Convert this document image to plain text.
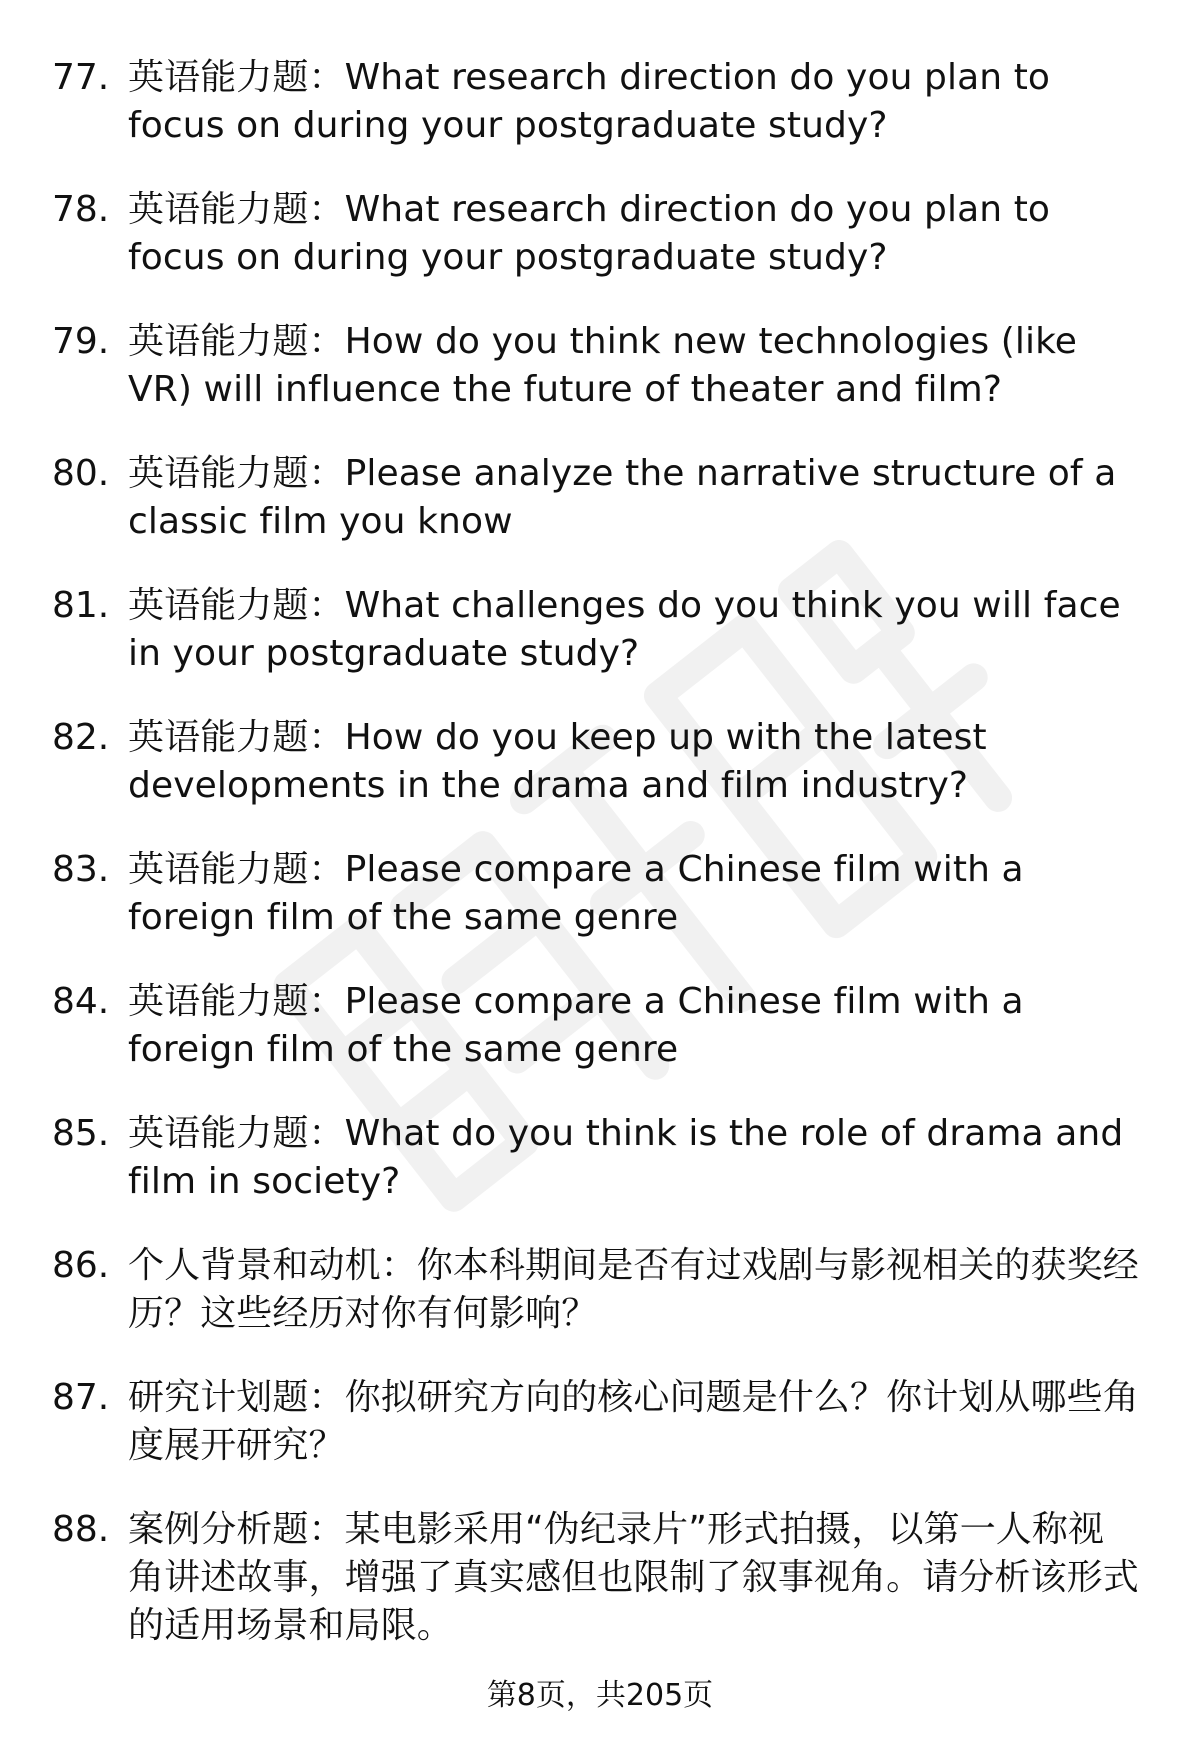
77. 英语能力题：What research direction do you plan to focus on during your postgraduate study?
78. 英语能力题：What research direction do you plan to focus on during your postgraduate study?
79. 英语能力题：How do you think new technologies (like VR) will influence the future of theater and film?
80. 英语能力题：Please analyze the narrative structure of a classic film you know
81. 英语能力题：What challenges do you think you will face in your postgraduate study?
82. 英语能力题：How do you keep up with the latest developments in the drama and film industry?
83. 英语能力题：Please compare a Chinese film with a foreign film of the same genre
84. 英语能力题：Please compare a Chinese film with a foreign film of the same genre
85. 英语能力题：What do you think is the role of drama and film in society?
86. 个人背景和动机：你本科期间是否有过戏剧与影视相关的获奖经历？这些经历对你有何影响？
87. 研究计划题：你拟研究方向的核心问题是什么？你计划从哪些角度展开研究？
88. 案例分析题：某电影采用“伪纪录片”形式拍摄，以第一人称视角讲述故事，增强了真实感但也限制了叙事视角。请分析该形式的适用场景和局限。
第8页，共205页
